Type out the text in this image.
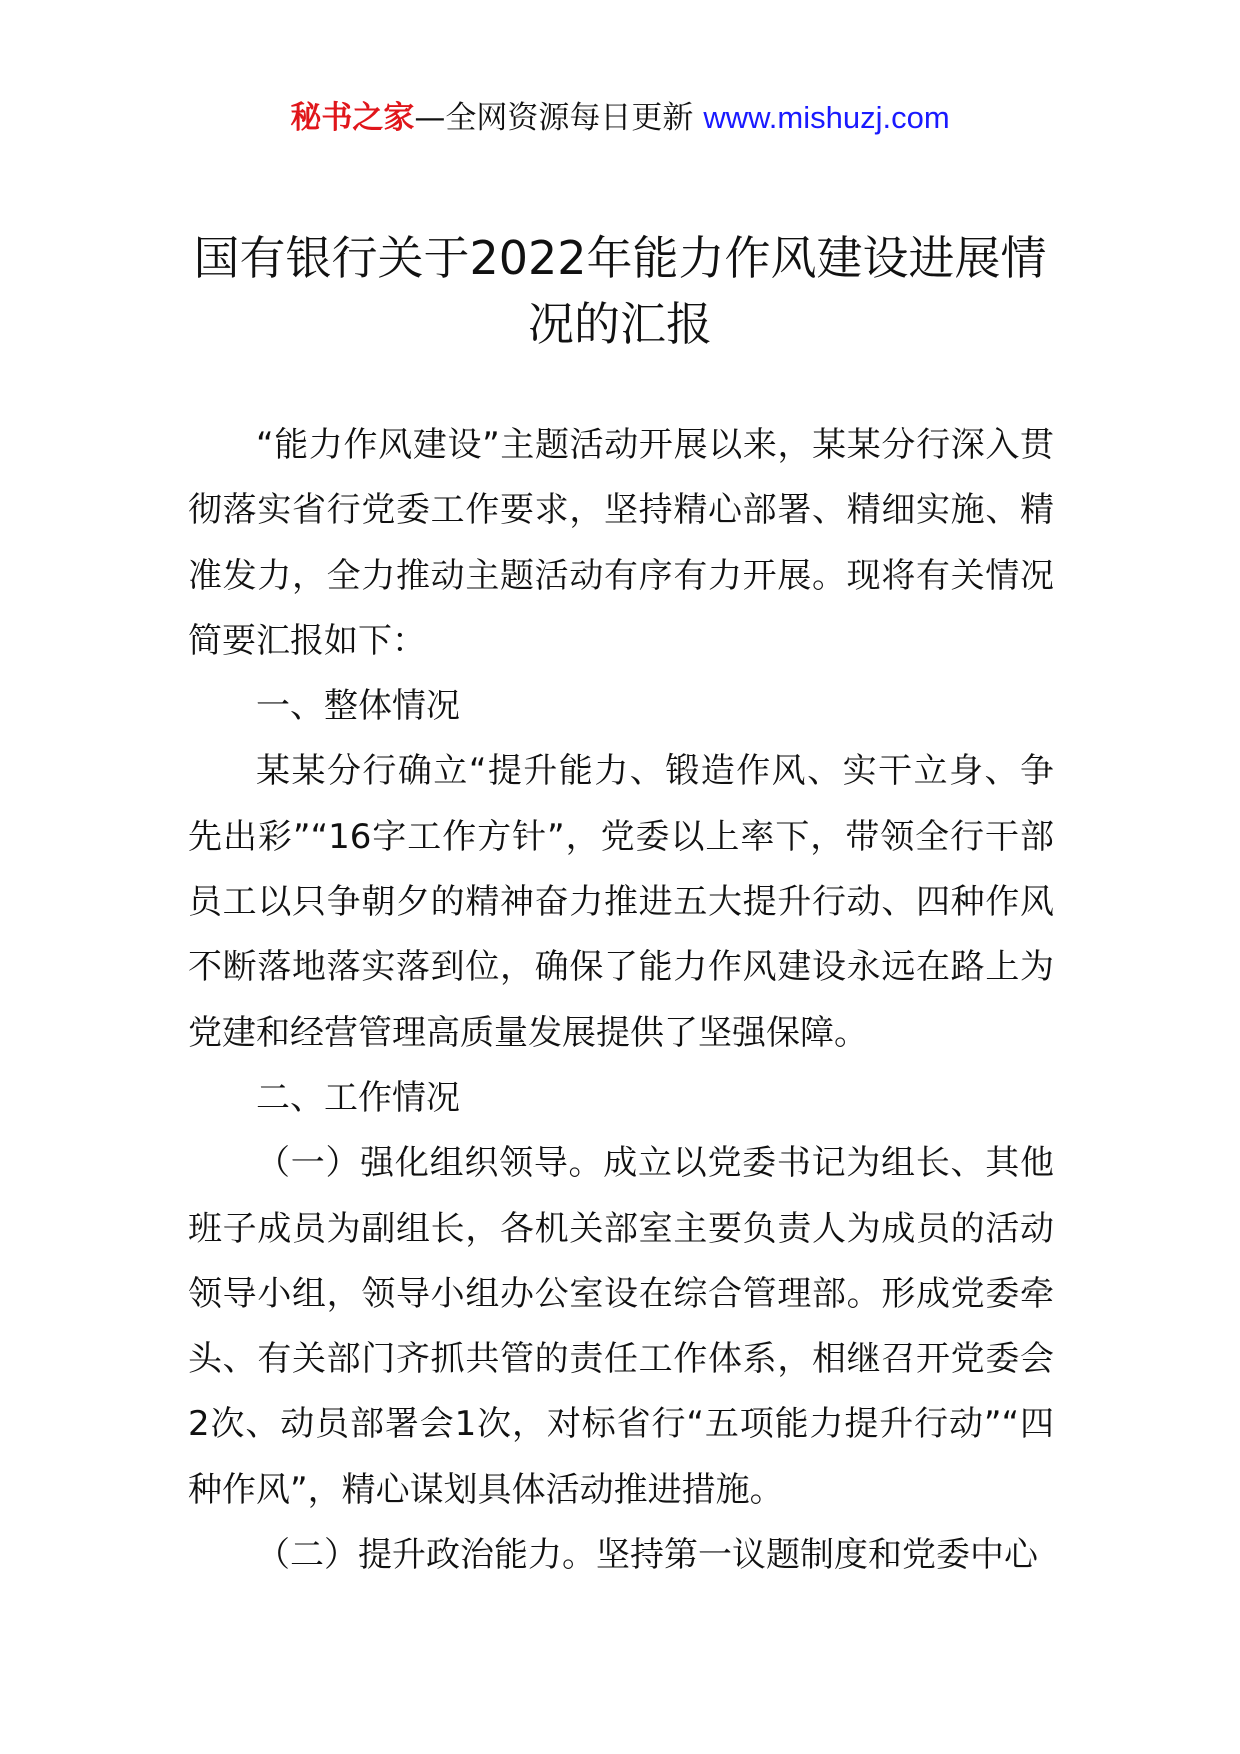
秘书之家—全网资源每日更新 www.mishuzj.com
国有银行关于2022年能力作风建设进展情况的汇报

“能力作风建设”主题活动开展以来，某某分行深入贯彻落实省行党委工作要求，坚持精心部署、精细实施、精准发力，全力推动主题活动有序有力开展。现将有关情况简要汇报如下：

一、整体情况

某某分行确立“提升能力、锻造作风、实干立身、争先出彩”“16字工作方针”，党委以上率下，带领全行干部员工以只争朝夕的精神奋力推进五大提升行动、四种作风不断落地落实落到位，确保了能力作风建设永远在路上为党建和经营管理高质量发展提供了坚强保障。

二、工作情况

（一）强化组织领导。成立以党委书记为组长、其他班子成员为副组长，各机关部室主要负责人为成员的活动领导小组，领导小组办公室设在综合管理部。形成党委牵头、有关部门齐抓共管的责任工作体系，相继召开党委会2次、动员部署会1次，对标省行“五项能力提升行动”“四种作风”，精心谋划具体活动推进措施。

（二）提升政治能力。坚持第一议题制度和党委中心
